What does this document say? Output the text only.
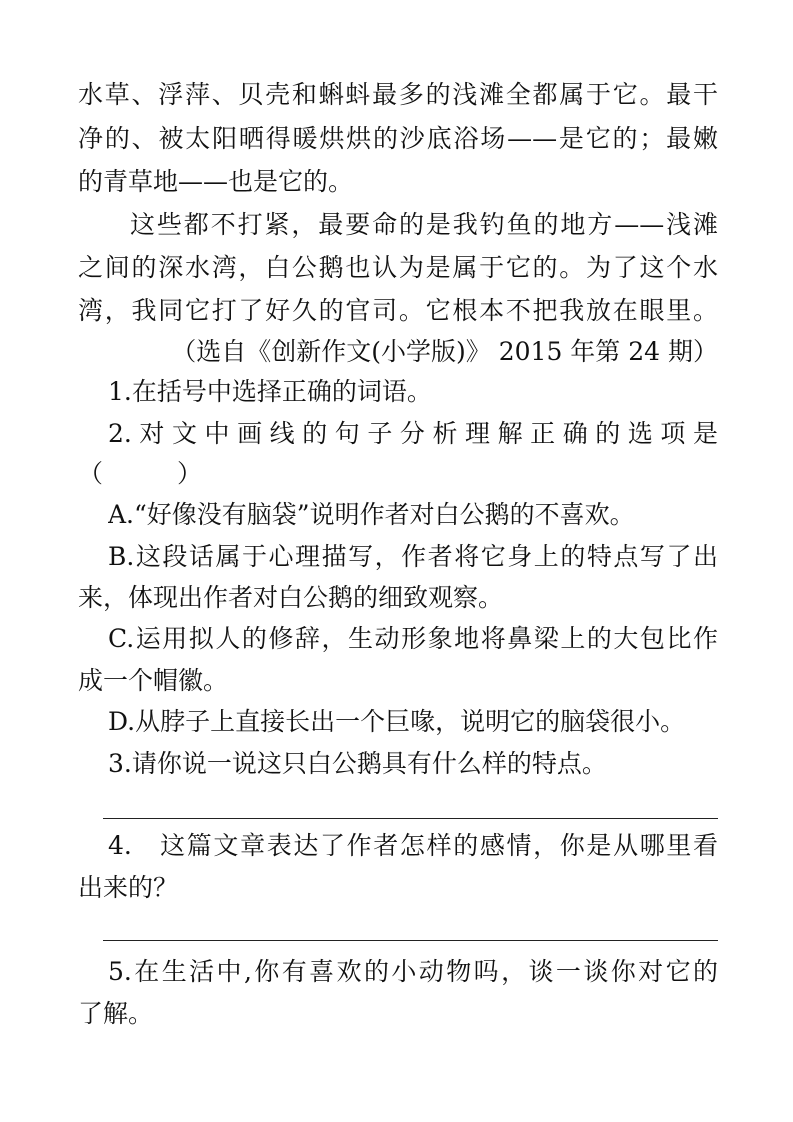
水草、浮萍、贝壳和蝌蚪最多的浅滩全都属于它。最干
净的、被太阳晒得暖烘烘的沙底浴场——是它的；最嫩
的青草地——也是它的。
这些都不打紧，最要命的是我钓鱼的地方——浅滩
之间的深水湾，白公鹅也认为是属于它的。为了这个水
湾，我同它打了好久的官司。它根本不把我放在眼里。
（选自《创新作文(小学版)》 2015 年第 24 期）
1.在括号中选择正确的词语。
2.对文中画线的句子分析理解正确的选项是
（	）
A.“好像没有脑袋”说明作者对白公鹅的不喜欢。
B.这段话属于心理描写，作者将它身上的特点写了出
来，体现出作者对白公鹅的细致观察。
C.运用拟人的修辞，生动形象地将鼻梁上的大包比作
成一个帽徽。
D.从脖子上直接长出一个巨喙，说明它的脑袋很小。
3.请你说一说这只白公鹅具有什么样的特点。
4.　这篇文章表达了作者怎样的感情，你是从哪里看
出来的？
5.在生活中,你有喜欢的小动物吗，谈一谈你对它的
了解。
